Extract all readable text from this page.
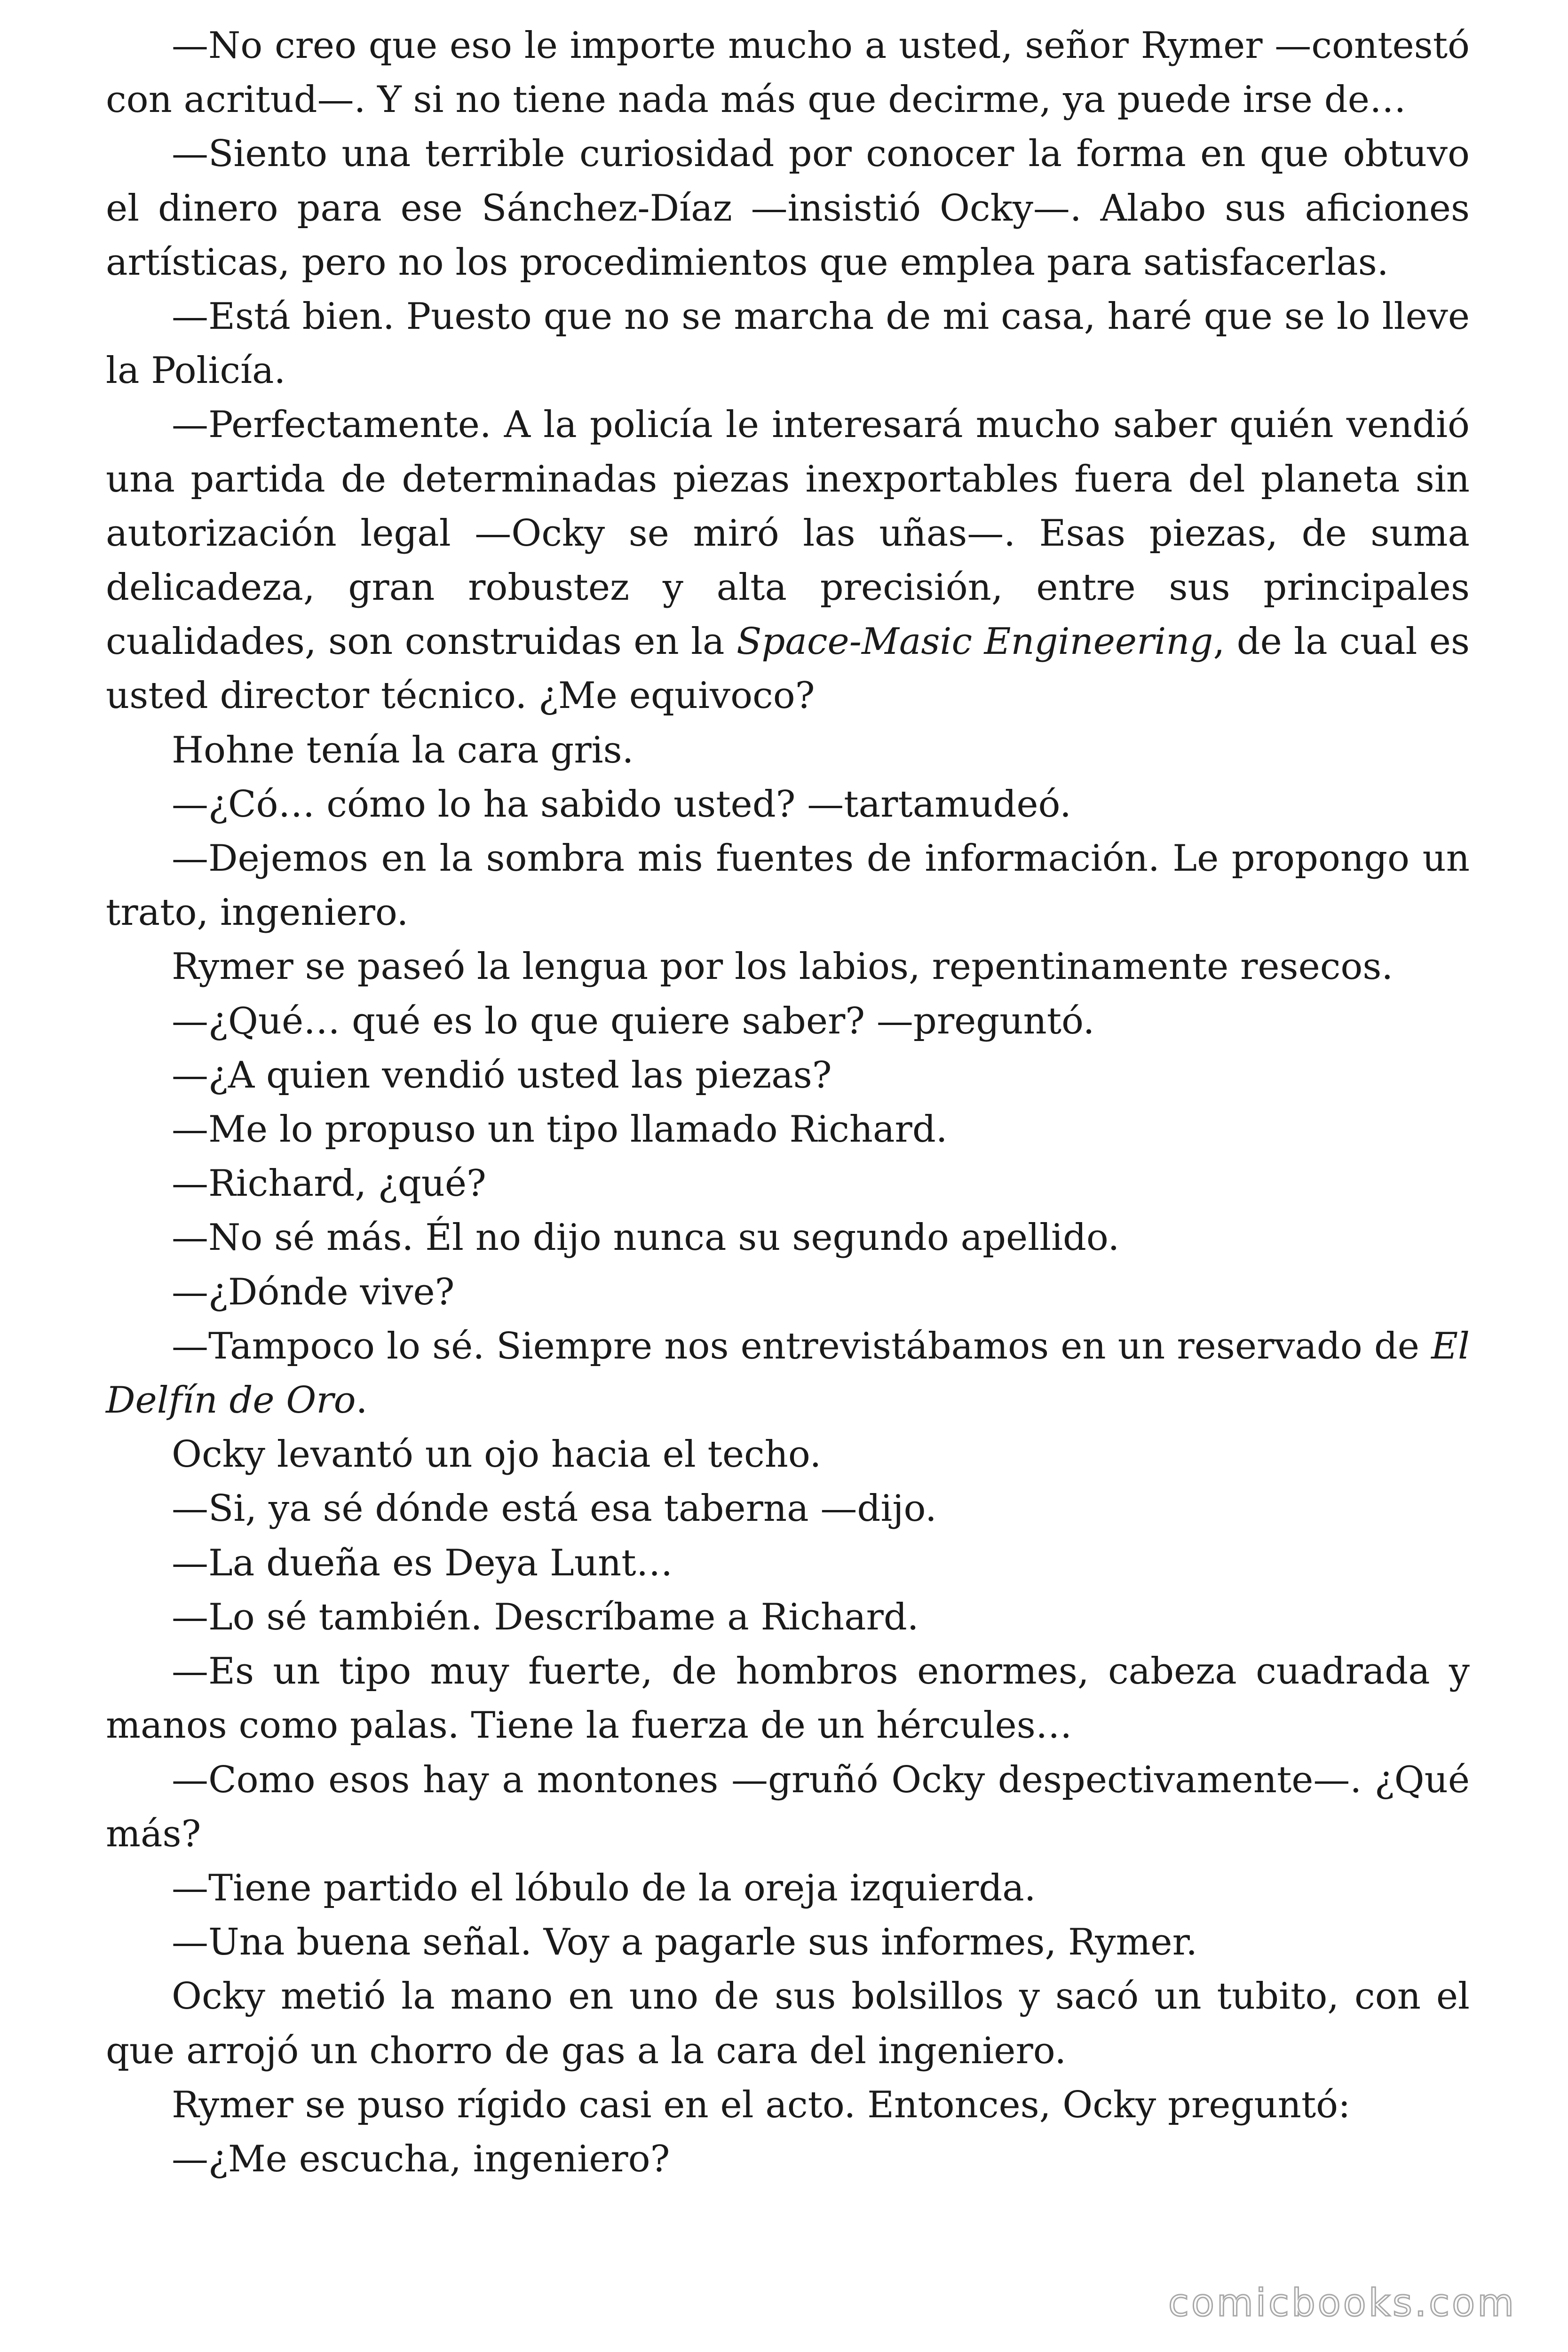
—No creo que eso le importe mucho a usted, señor Rymer —contestó con acritud—. Y si no tiene nada más que decirme, ya puede irse de…

—Siento una terrible curiosidad por conocer la forma en que obtuvo el dinero para ese Sánchez-Díaz —insistió Ocky—. Alabo sus aficiones artísticas, pero no los procedimientos que emplea para satisfacerlas.

—Está bien. Puesto que no se marcha de mi casa, haré que se lo lleve la Policía.

—Perfectamente. A la policía le interesará mucho saber quién vendió una partida de determinadas piezas inexportables fuera del planeta sin autorización legal —Ocky se miró las uñas—. Esas piezas, de suma delicadeza, gran robustez y alta precisión, entre sus principales cualidades, son construidas en la Space-Masic Engineering, de la cual es usted director técnico. ¿Me equivoco?

Hohne tenía la cara gris.

—¿Có… cómo lo ha sabido usted? —tartamudeó.

—Dejemos en la sombra mis fuentes de información. Le propongo un trato, ingeniero.

Rymer se paseó la lengua por los labios, repentinamente resecos.

—¿Qué… qué es lo que quiere saber? —preguntó.

—¿A quien vendió usted las piezas?

—Me lo propuso un tipo llamado Richard.

—Richard, ¿qué?

—No sé más. Él no dijo nunca su segundo apellido.

—¿Dónde vive?

—Tampoco lo sé. Siempre nos entrevistábamos en un reservado de El Delfín de Oro.

Ocky levantó un ojo hacia el techo.

—Si, ya sé dónde está esa taberna —dijo.

—La dueña es Deya Lunt…

—Lo sé también. Descríbame a Richard.

—Es un tipo muy fuerte, de hombros enormes, cabeza cuadrada y manos como palas. Tiene la fuerza de un hércules…

—Como esos hay a montones —gruñó Ocky despectivamente—. ¿Qué más?

—Tiene partido el lóbulo de la oreja izquierda.

—Una buena señal. Voy a pagarle sus informes, Rymer.

Ocky metió la mano en uno de sus bolsillos y sacó un tubito, con el que arrojó un chorro de gas a la cara del ingeniero.

Rymer se puso rígido casi en el acto. Entonces, Ocky preguntó:

—¿Me escucha, ingeniero?

comicbooks.com
